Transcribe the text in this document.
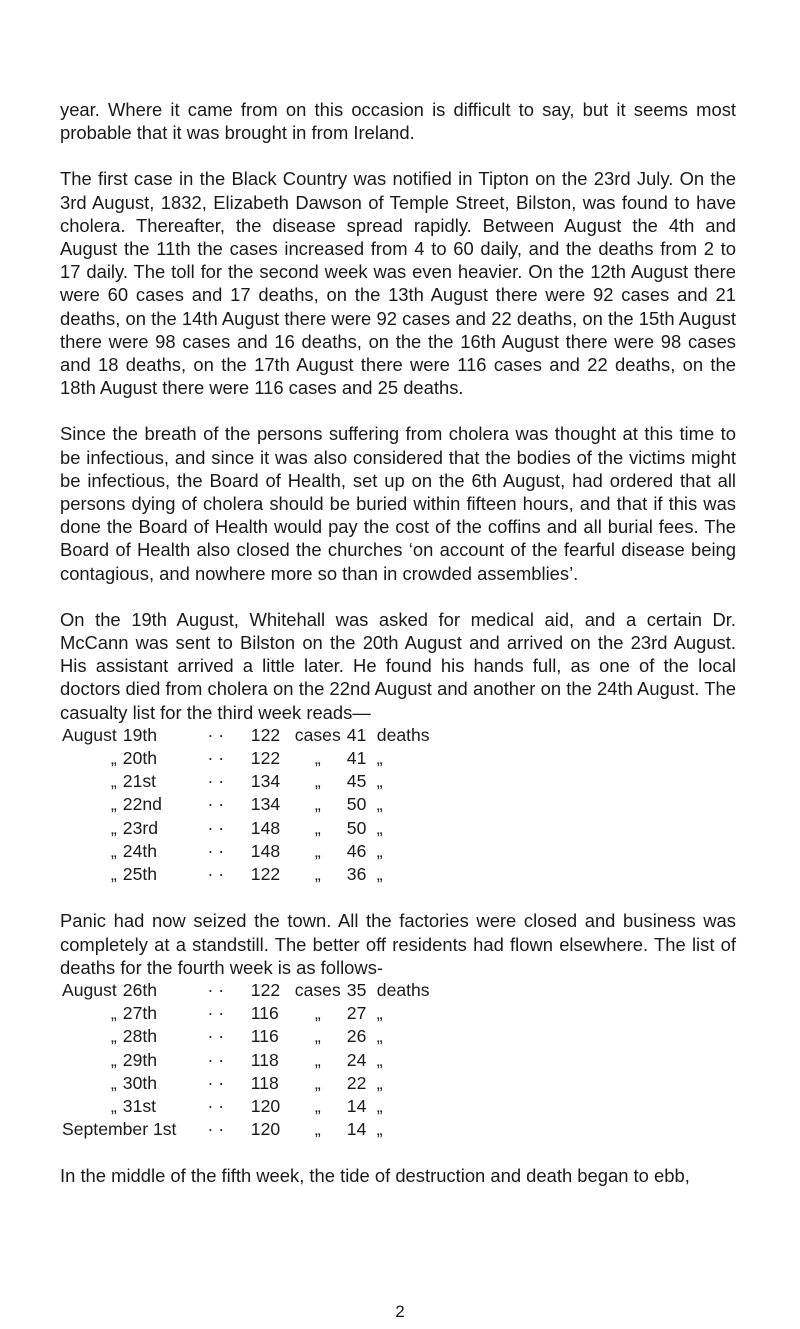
year. Where it came from on this occasion is difficult to say, but it seems most probable that it was brought in from Ireland.

The first case in the Black Country was notified in Tipton on the 23rd July. On the 3rd August, 1832, Elizabeth Dawson of Temple Street, Bilston, was found to have cholera. Thereafter, the disease spread rapidly. Between August the 4th and August the 11th the cases increased from 4 to 60 daily, and the deaths from 2 to 17 daily. The toll for the second week was even heavier. On the 12th August there were 60 cases and 17 deaths, on the 13th August there were 92 cases and 21 deaths, on the 14th August there were 92 cases and 22 deaths, on the 15th August there were 98 cases and 16 deaths, on the the 16th August there were 98 cases and 18 deaths, on the 17th August there were 116 cases and 22 deaths, on the 18th August there were 116 cases and 25 deaths.

Since the breath of the persons suffering from cholera was thought at this time to be infectious, and since it was also considered that the bodies of the victims might be infectious, the Board of Health, set up on the 6th August, had ordered that all persons dying of cholera should be buried within fifteen hours, and that if this was done the Board of Health would pay the cost of the coffins and all burial fees. The Board of Health also closed the churches ‘on account of the fearful disease being contagious, and nowhere more so than in crowded assemblies’.

On the 19th August, Whitehall was asked for medical aid, and a certain Dr. McCann was sent to Bilston on the 20th August and arrived on the 23rd August. His assistant arrived a little later. He found his hands full, as one of the local doctors died from cholera on the 22nd August and another on the 24th August. The casualty list for the third week reads—

August	19th	· ·	122	cases	41	deaths
„	20th	· ·	122	„	41	„
„	21st	· ·	134	„	45	„
„	22nd	· ·	134	„	50	„
„	23rd	· ·	148	„	50	„
„	24th	· ·	148	„	46	„
„	25th	· ·	122	„	36	„

Panic had now seized the town. All the factories were closed and business was completely at a standstill. The better off residents had flown elsewhere. The list of deaths for the fourth week is as follows-

August	26th	· ·	122	cases	35	deaths
„	27th	· ·	116	„	27	„
„	28th	· ·	116	„	26	„
„	29th	· ·	118	„	24	„
„	30th	· ·	118	„	22	„
„	31st	· ·	120	„	14	„
September 1st		· ·	120	„	14	„

In the middle of the fifth week, the tide of destruction and death began to ebb,

2
